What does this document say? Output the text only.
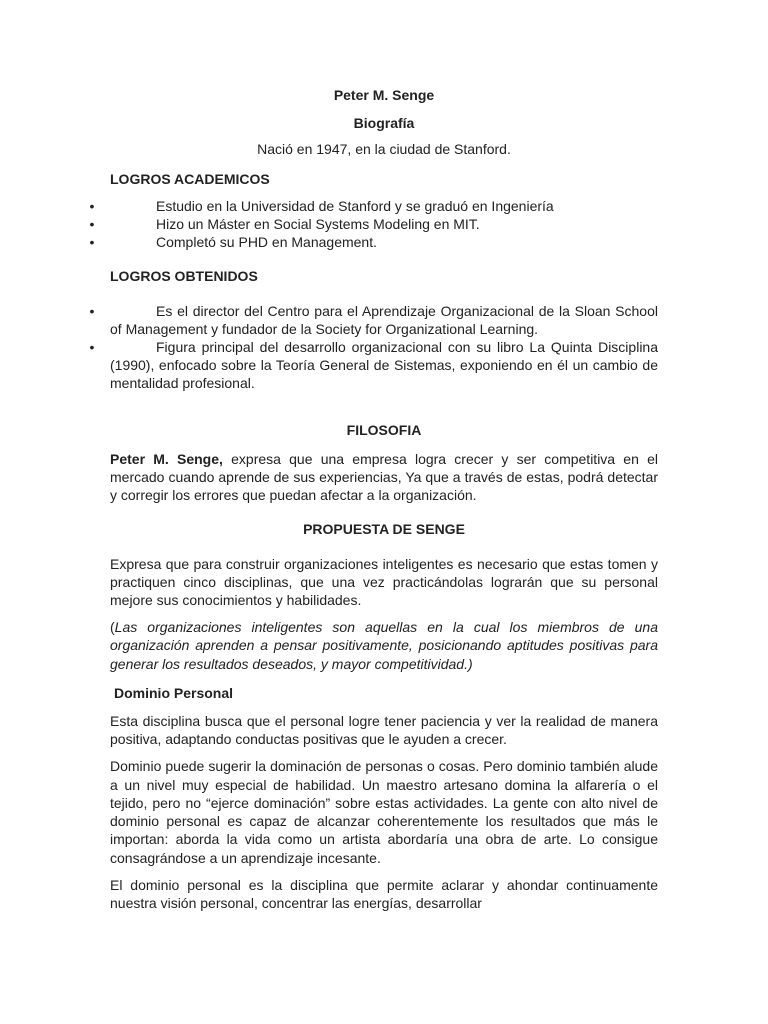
Peter M. Senge

Biografía

Nació en 1947, en la ciudad de Stanford.

LOGROS ACADEMICOS

•	Estudio en la Universidad de Stanford y se graduó en Ingeniería
•	Hizo un Máster en Social Systems Modeling en MIT.
•	Completó su PHD en Management.

LOGROS OBTENIDOS

•	Es el director del Centro para el Aprendizaje Organizacional de la Sloan School of Management y fundador de la Society for Organizational Learning.
•	Figura principal del desarrollo organizacional con su libro La Quinta Disciplina (1990), enfocado sobre la Teoría General de Sistemas, exponiendo en él un cambio de mentalidad profesional.

FILOSOFIA

Peter M. Senge, expresa que una empresa logra crecer y ser competitiva en el mercado cuando aprende de sus experiencias, Ya que a través de estas, podrá detectar y corregir los errores que puedan afectar a la organización.

PROPUESTA DE SENGE

Expresa que para construir organizaciones inteligentes es necesario que estas tomen y practiquen cinco disciplinas, que una vez practicándolas lograrán que su personal mejore sus conocimientos y habilidades.

(Las organizaciones inteligentes son aquellas en la cual los miembros de una organización aprenden a pensar positivamente, posicionando aptitudes positivas para generar los resultados deseados, y mayor competitividad.)

Dominio Personal

Esta disciplina busca que el personal logre tener paciencia y ver la realidad de manera positiva, adaptando conductas positivas que le ayuden a crecer.

Dominio puede sugerir la dominación de personas o cosas. Pero dominio también alude a un nivel muy especial de habilidad. Un maestro artesano domina la alfarería o el tejido, pero no “ejerce dominación” sobre estas actividades. La gente con alto nivel de dominio personal es capaz de alcanzar coherentemente los resultados que más le importan: aborda la vida como un artista abordaría una obra de arte. Lo consigue consagrándose a un aprendizaje incesante.

El dominio personal es la disciplina que permite aclarar y ahondar continuamente nuestra visión personal, concentrar las energías, desarrollar
